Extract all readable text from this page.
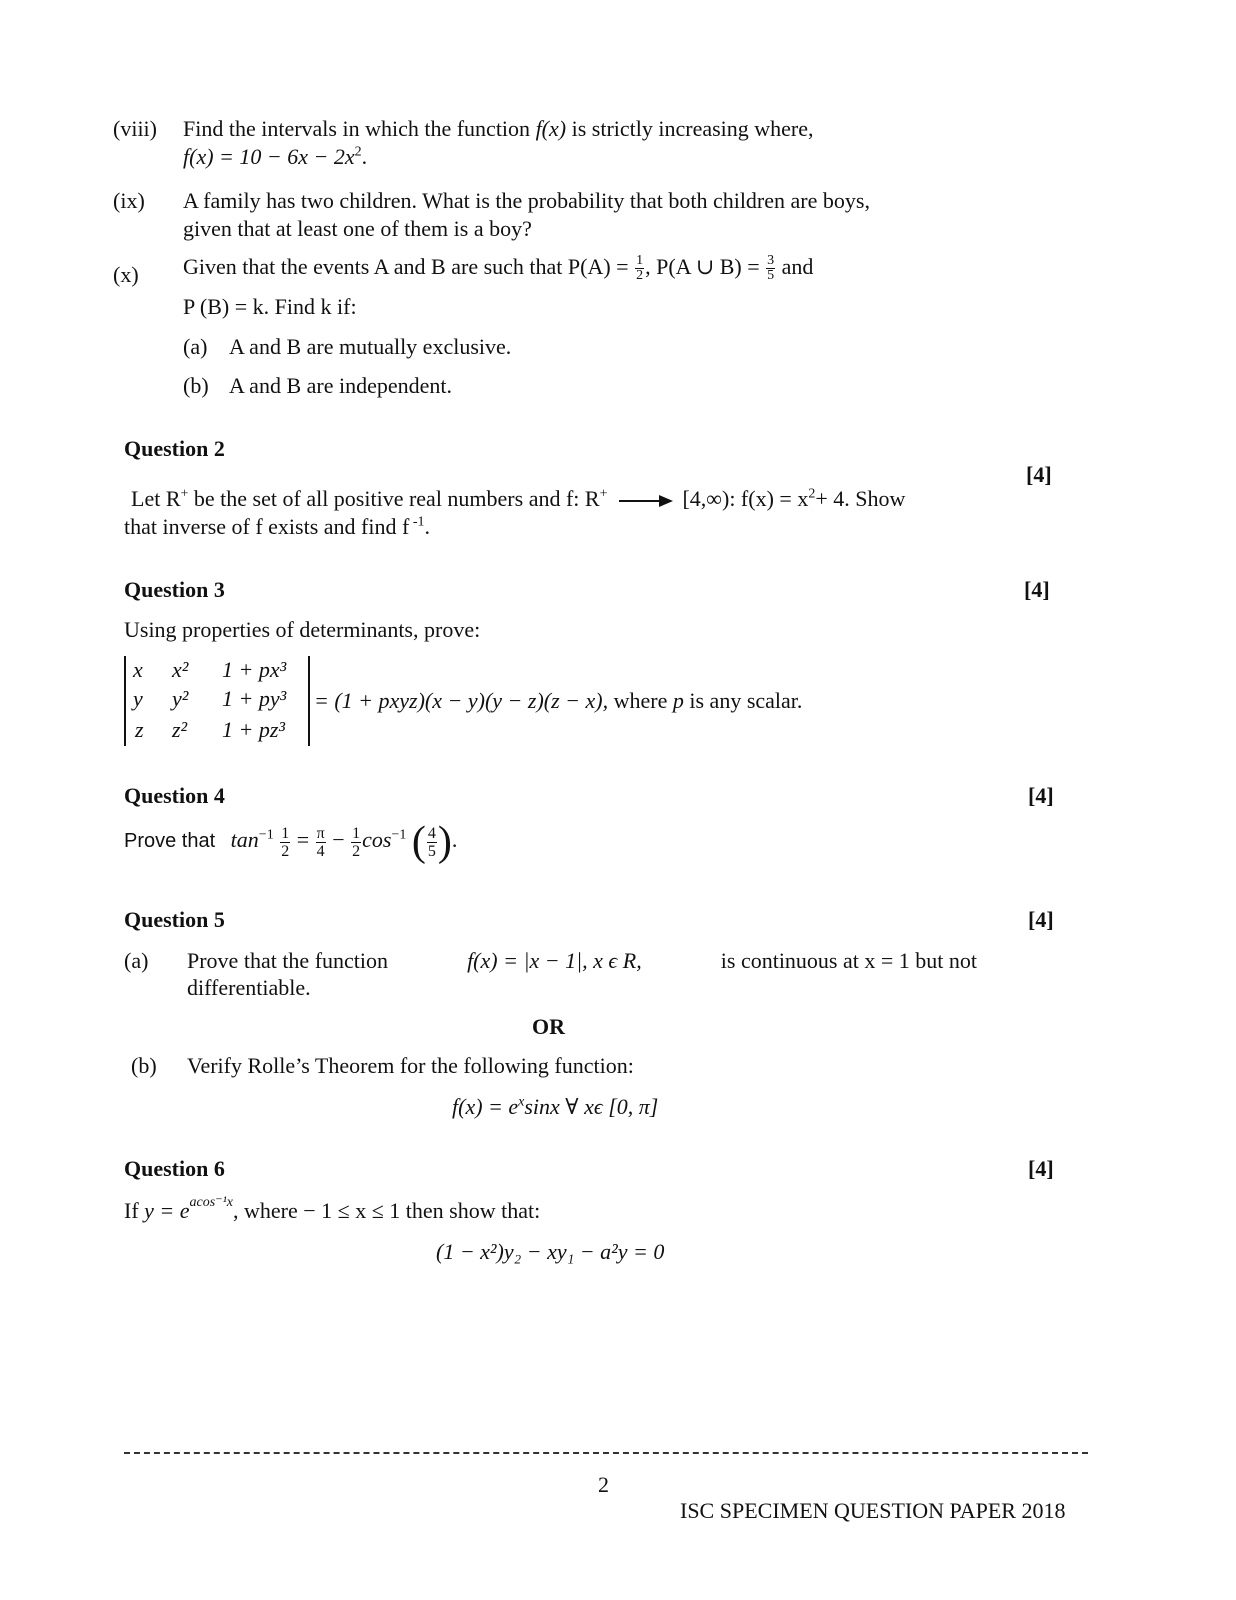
(viii) Find the intervals in which the function f(x) is strictly increasing where,
$f(x) = 10 - 6x - 2x^2$.
(ix) A family has two children. What is the probability that both children are boys,
given that at least one of them is a boy?
(x) Given that the events A and B are such that $P(A) = \frac{1}{2}$ , P(A ∪ $B) = \frac{3}{5}$ and
P (B) = k. Find k if:
(a) A and B are mutually exclusive.
(b) A and B are independent.
Question 2
[4]
Let R+ be the set of all positive real numbers and f: R+	[4,∞): $f(x) = x^2+ 4$. Show
that inverse of f exists and find f $^{-1}$.
Question 3	[4]
Using properties of determinants, prove:
x x² 1 + px³
y y² 1 + py³
z z² 1 + pz³
= (1 + pxyz)(x − y)(y − z)(z − x), where p is any scalar.
Question 4	[4]
Prove that $\tan^{-1} \frac{1}{2} = \frac{\pi}{4} - \frac{1}{2} \cos^{-1}$ ( $\frac{4}{5}$ ).
Question 5	[4]
(a) Prove that the function	f(x) = |x − 1|, x ϵ R,	is continuous at x = 1 but not
differentiable.
OR
(b) Verify Rolle’s Theorem for the following function:
$f(x) = e^x\sin x$ ∀ xϵ [0, π]
Question 6	[4]
If $y = e^{acos^{-1}x}$, where − 1 ≤ x ≤ 1 then show that:
(1 − x²)y₂ − xy₁ − a²y = 0
2
ISC SPECIMEN QUESTION PAPER 2018
